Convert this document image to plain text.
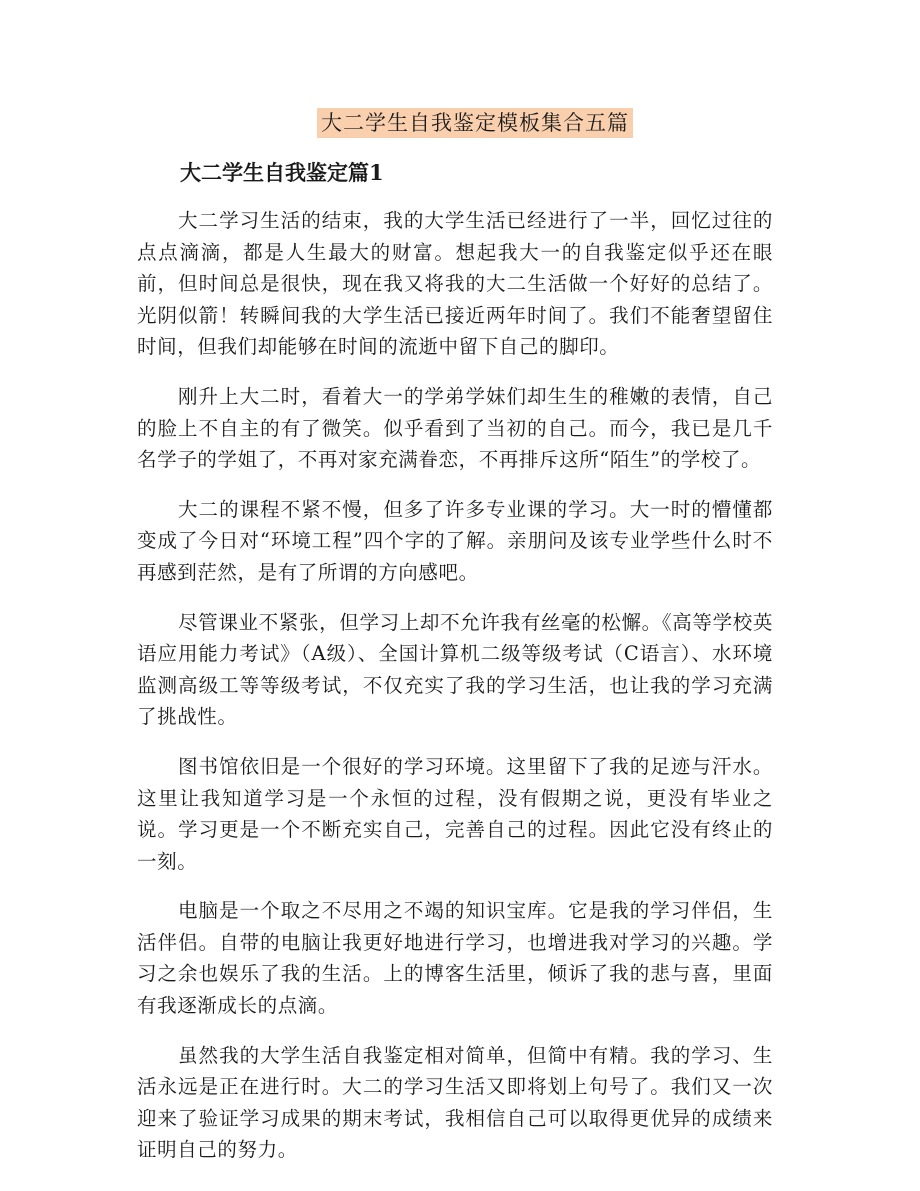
大二学生自我鉴定模板集合五篇
大二学生自我鉴定篇1

大二学习生活的结束，我的大学生活已经进行了一半，回忆过往的点点滴滴，都是人生最大的财富。想起我大一的自我鉴定似乎还在眼前，但时间总是很快，现在我又将我的大二生活做一个好好的总结了。光阴似箭！转瞬间我的大学生活已接近两年时间了。我们不能奢望留住时间，但我们却能够在时间的流逝中留下自己的脚印。

刚升上大二时，看着大一的学弟学妹们却生生的稚嫩的表情，自己的脸上不自主的有了微笑。似乎看到了当初的自己。而今，我已是几千名学子的学姐了，不再对家充满眷恋，不再排斥这所“陌生”的学校了。

大二的课程不紧不慢，但多了许多专业课的学习。大一时的懵懂都变成了今日对“环境工程”四个字的了解。亲朋问及该专业学些什么时不再感到茫然，是有了所谓的方向感吧。

尽管课业不紧张，但学习上却不允许我有丝毫的松懈。《高等学校英语应用能力考试》（A级）、全国计算机二级等级考试（C语言）、水环境监测高级工等等级考试，不仅充实了我的学习生活，也让我的学习充满了挑战性。

图书馆依旧是一个很好的学习环境。这里留下了我的足迹与汗水。这里让我知道学习是一个永恒的过程，没有假期之说，更没有毕业之说。学习更是一个不断充实自己，完善自己的过程。因此它没有终止的一刻。

电脑是一个取之不尽用之不竭的知识宝库。它是我的学习伴侣，生活伴侣。自带的电脑让我更好地进行学习，也增进我对学习的兴趣。学习之余也娱乐了我的生活。上的博客生活里，倾诉了我的悲与喜，里面有我逐渐成长的点滴。

虽然我的大学生活自我鉴定相对简单，但简中有精。我的学习、生活永远是正在进行时。大二的学习生活又即将划上句号了。我们又一次迎来了验证学习成果的期末考试，我相信自己可以取得更优异的成绩来证明自己的努力。
